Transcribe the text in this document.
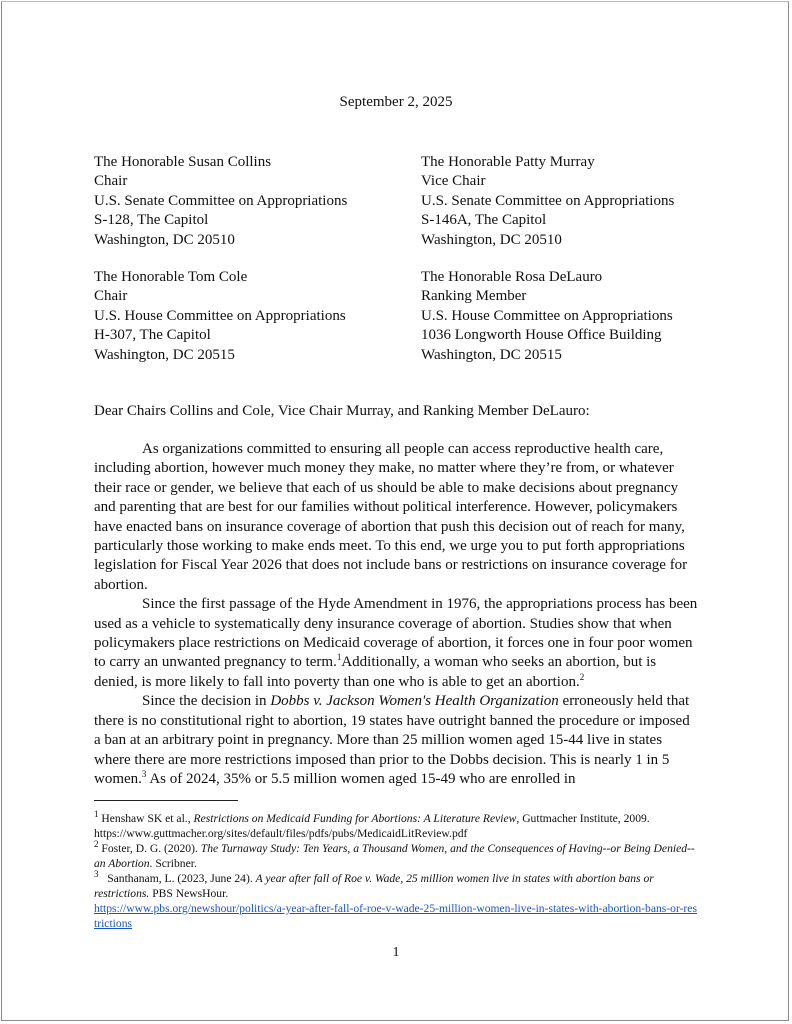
September 2, 2025
The Honorable Susan Collins
Chair
U.S. Senate Committee on Appropriations
S-128, The Capitol
Washington, DC 20510
The Honorable Patty Murray
Vice Chair
U.S. Senate Committee on Appropriations
S-146A, The Capitol
Washington, DC 20510
The Honorable Tom Cole
Chair
U.S. House Committee on Appropriations
H-307, The Capitol
Washington, DC 20515
The Honorable Rosa DeLauro
Ranking Member
U.S. House Committee on Appropriations
1036 Longworth House Office Building
Washington, DC 20515
Dear Chairs Collins and Cole, Vice Chair Murray, and Ranking Member DeLauro:

As organizations committed to ensuring all people can access reproductive health care, including abortion, however much money they make, no matter where they’re from, or whatever their race or gender, we believe that each of us should be able to make decisions about pregnancy and parenting that are best for our families without political interference. However, policymakers have enacted bans on insurance coverage of abortion that push this decision out of reach for many, particularly those working to make ends meet. To this end, we urge you to put forth appropriations legislation for Fiscal Year 2026 that does not include bans or restrictions on insurance coverage for abortion.

Since the first passage of the Hyde Amendment in 1976, the appropriations process has been used as a vehicle to systematically deny insurance coverage of abortion. Studies show that when policymakers place restrictions on Medicaid coverage of abortion, it forces one in four poor women to carry an unwanted pregnancy to term.$^1$Additionally, a woman who seeks an abortion, but is denied, is more likely to fall into poverty than one who is able to get an abortion.$^2$

Since the decision in Dobbs v. Jackson Women's Health Organization erroneously held that there is no constitutional right to abortion, 19 states have outright banned the procedure or imposed a ban at an arbitrary point in pregnancy. More than 25 million women aged 15-44 live in states where there are more restrictions imposed than prior to the Dobbs decision. This is nearly 1 in 5 women.$^3$ As of 2024, 35% or 5.5 million women aged 15-49 who are enrolled in

$^1$ Henshaw SK et al., Restrictions on Medicaid Funding for Abortions: A Literature Review, Guttmacher Institute, 2009. https://www.guttmacher.org/sites/default/files/pdfs/pubs/MedicaidLitReview.pdf
$^2$ Foster, D. G. (2020). The Turnaway Study: Ten Years, a Thousand Women, and the Consequences of Having--or Being Denied--an Abortion. Scribner.
$^3$   Santhanam, L. (2023, June 24). A year after fall of Roe v. Wade, 25 million women live in states with abortion bans or restrictions. PBS NewsHour.
https://www.pbs.org/newshour/politics/a-year-after-fall-of-roe-v-wade-25-million-women-live-in-states-with-abortion-bans-or-restrictions
1
